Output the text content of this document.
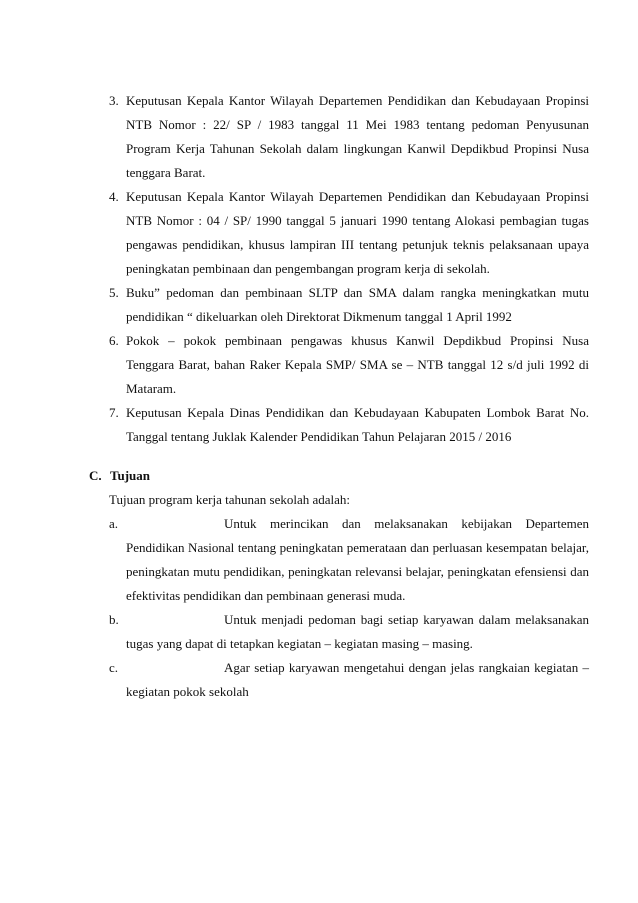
3. Keputusan Kepala Kantor Wilayah Departemen Pendidikan dan Kebudayaan Propinsi NTB Nomor : 22/ SP / 1983 tanggal 11 Mei 1983 tentang pedoman Penyusunan Program Kerja Tahunan Sekolah dalam lingkungan Kanwil Depdikbud Propinsi Nusa tenggara Barat.
4. Keputusan Kepala Kantor Wilayah Departemen Pendidikan dan Kebudayaan Propinsi NTB Nomor : 04 / SP/ 1990 tanggal 5 januari 1990 tentang Alokasi pembagian tugas pengawas pendidikan, khusus lampiran III tentang petunjuk teknis pelaksanaan upaya peningkatan pembinaan dan pengembangan program kerja di sekolah.
5. Buku” pedoman dan pembinaan SLTP dan SMA dalam rangka meningkatkan mutu pendidikan “ dikeluarkan oleh Direktorat Dikmenum tanggal 1 April 1992
6. Pokok – pokok pembinaan pengawas khusus Kanwil Depdikbud Propinsi Nusa Tenggara Barat, bahan Raker Kepala SMP/ SMA se – NTB tanggal 12 s/d juli 1992 di Mataram.
7. Keputusan Kepala Dinas Pendidikan dan Kebudayaan Kabupaten Lombok Barat No. Tanggal tentang Juklak Kalender Pendidikan Tahun Pelajaran 2015 / 2016

C. Tujuan

Tujuan program kerja tahunan sekolah adalah:

a.	Untuk merincikan dan melaksanakan kebijakan Departemen Pendidikan Nasional tentang peningkatan pemerataan dan perluasan kesempatan belajar, peningkatan mutu pendidikan, peningkatan relevansi belajar, peningkatan efensiensi dan efektivitas pendidikan dan pembinaan generasi muda.
b.	Untuk menjadi pedoman bagi setiap karyawan dalam melaksanakan tugas yang dapat di tetapkan kegiatan – kegiatan masing – masing.
c.	Agar setiap karyawan mengetahui dengan jelas rangkaian kegiatan – kegiatan pokok sekolah
